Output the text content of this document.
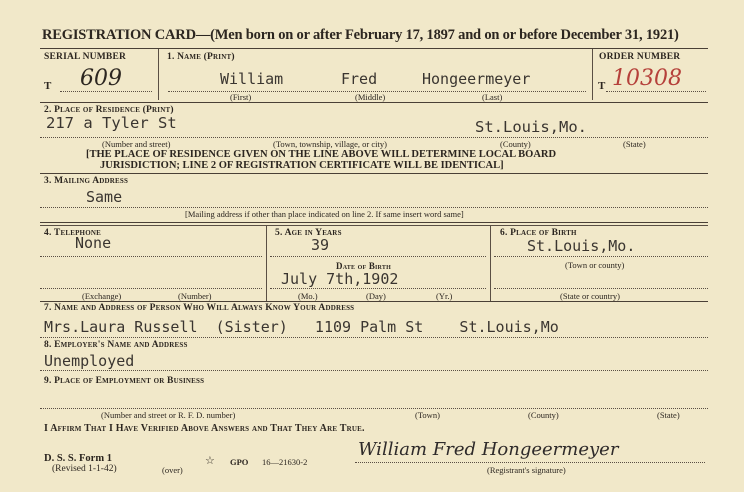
REGISTRATION CARD—(Men born on or after February 17, 1897 and on or before December 31, 1921)
SERIAL NUMBER	1. Name (Print)	ORDER NUMBER
T 609	William	Fred	Hongeermeyer	T 10308
(First)	(Middle)	(Last)
2. Place of Residence (Print)
217 a Tyler St	St.Louis,Mo.
(Number and street)	(Town, township, village, or city)	(County)	(State)
[THE PLACE OF RESIDENCE GIVEN ON THE LINE ABOVE WILL DETERMINE LOCAL BOARD
JURISDICTION; LINE 2 OF REGISTRATION CERTIFICATE WILL BE IDENTICAL]
3. Mailing Address
Same
[Mailing address if other than place indicated on line 2. If same insert word same]
4. Telephone
None
(Exchange)	(Number)
5. Age in Years
39
Date of Birth
July 7th,1902
(Mo.)	(Day)	(Yr.)
6. Place of Birth
St.Louis,Mo.
(Town or county)
(State or country)
7. Name and Address of Person Who Will Always Know Your Address
Mrs.Laura Russell  (Sister)   1109 Palm St    St.Louis,Mo
8. Employer's Name and Address
Unemployed
9. Place of Employment or Business
(Number and street or R. F. D. number)	(Town)	(County)	(State)
I Affirm That I Have Verified Above Answers and That They Are True.
D. S. S. Form 1
(Revised 1-1-42)	(over)
☆ GPO 16—21630-2
William Fred Hongeermeyer
(Registrant's signature)
